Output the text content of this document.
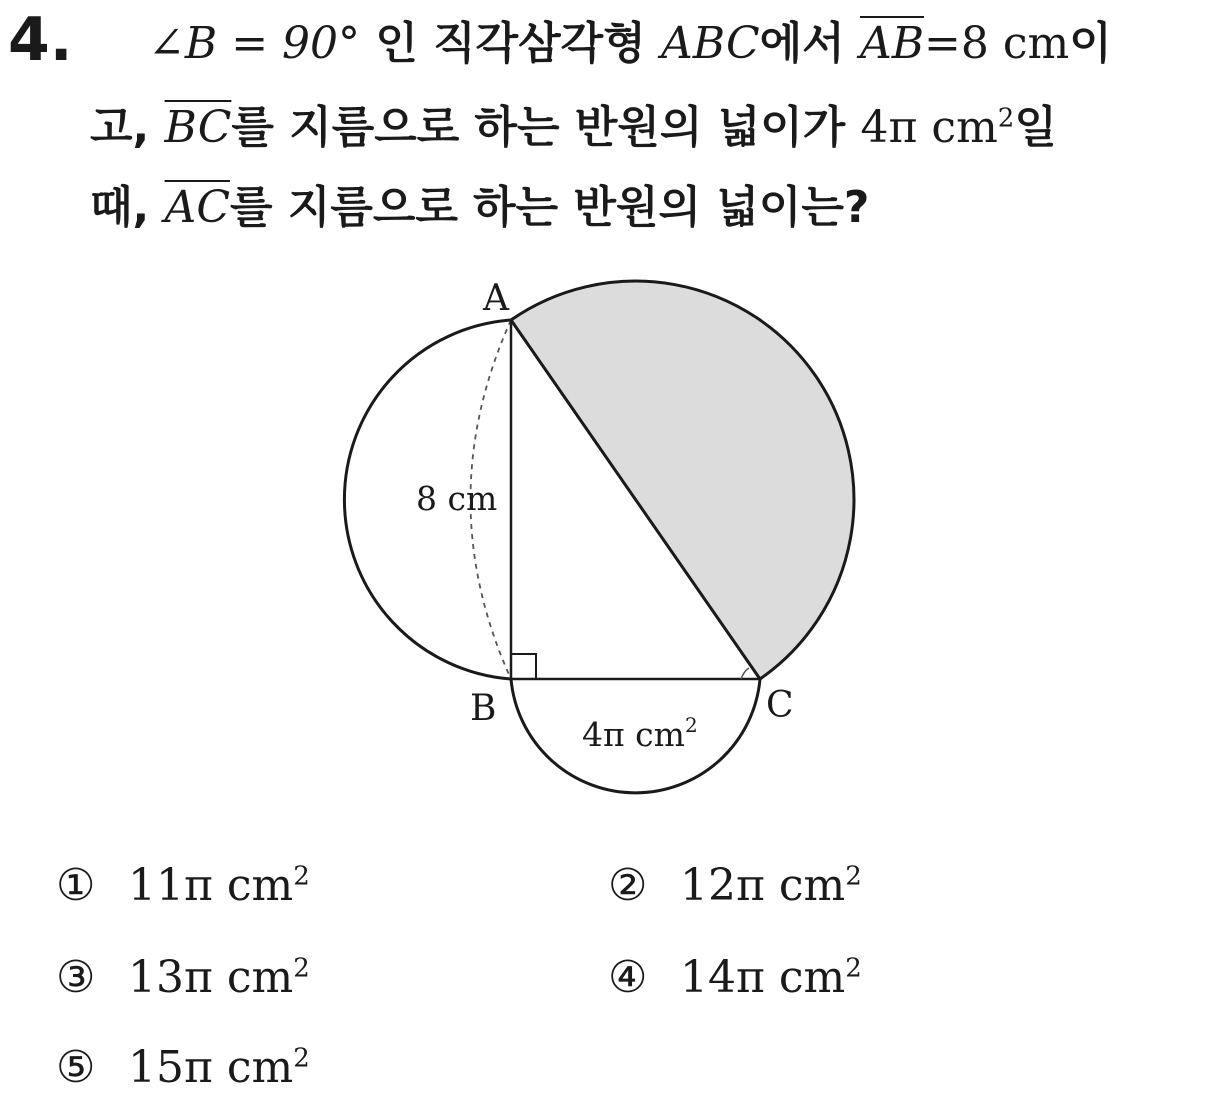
4. ∠B = 90° 인 직각삼각형 ABC에서 $\overline{AB}=8$ cm이
고, $\overline{BC}$를 지름으로 하는 반원의 넓이가 4π $cm^2$일
때, $\overline{AC}$를 지름으로 하는 반원의 넓이는?
A
B	C
8 cm
4π $cm^2$
① 11π $cm^2$	② 12π $cm^2$
③ 13π $cm^2$	④ 14π $cm^2$
⑤ 15π $cm^2$
